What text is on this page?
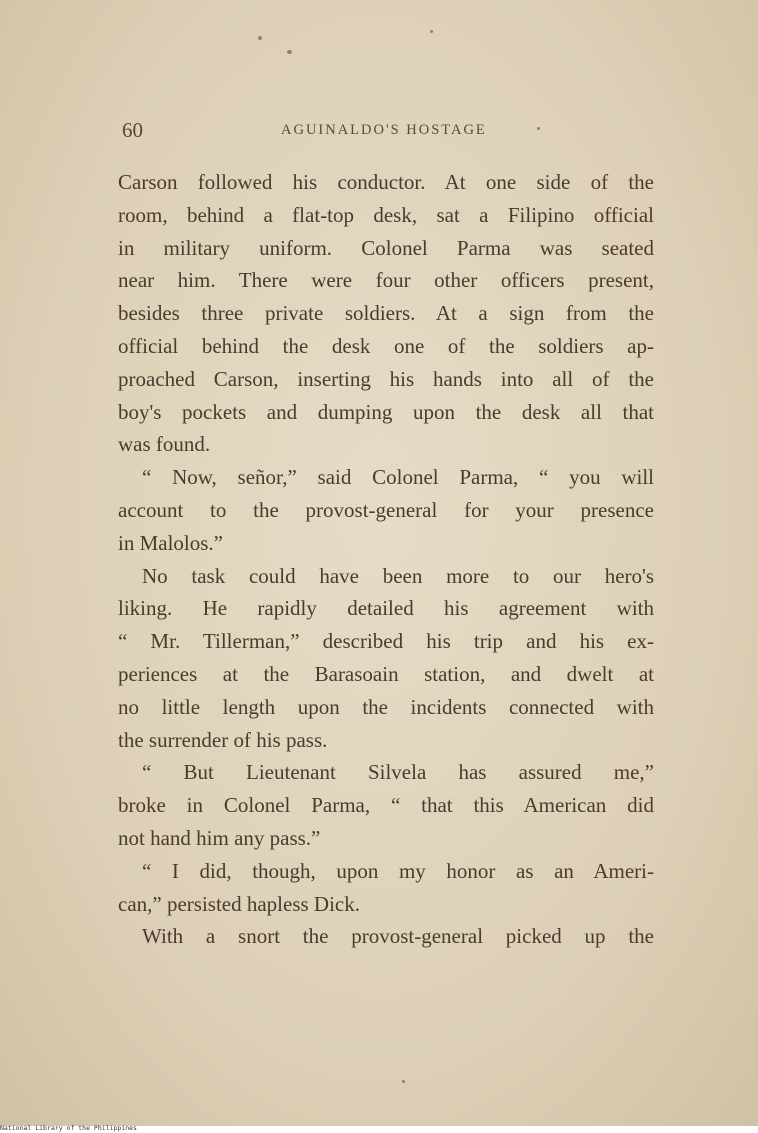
60	AGUINALDO'S HOSTAGE
Carson followed his conductor. At one side of the
room, behind a flat-top desk, sat a Filipino official
in military uniform. Colonel Parma was seated
near him. There were four other officers present,
besides three private soldiers. At a sign from the
official behind the desk one of the soldiers ap-
proached Carson, inserting his hands into all of the
boy's pockets and dumping upon the desk all that
was found.
“ Now, señor,” said Colonel Parma, “ you will
account to the provost-general for your presence
in Malolos.”
No task could have been more to our hero's
liking. He rapidly detailed his agreement with
“ Mr. Tillerman,” described his trip and his ex-
periences at the Barasoain station, and dwelt at
no little length upon the incidents connected with
the surrender of his pass.
“ But Lieutenant Silvela has assured me,”
broke in Colonel Parma, “ that this American did
not hand him any pass.”
“ I did, though, upon my honor as an Ameri-
can,” persisted hapless Dick.
With a snort the provost-general picked up the
National Library of the Philippines
